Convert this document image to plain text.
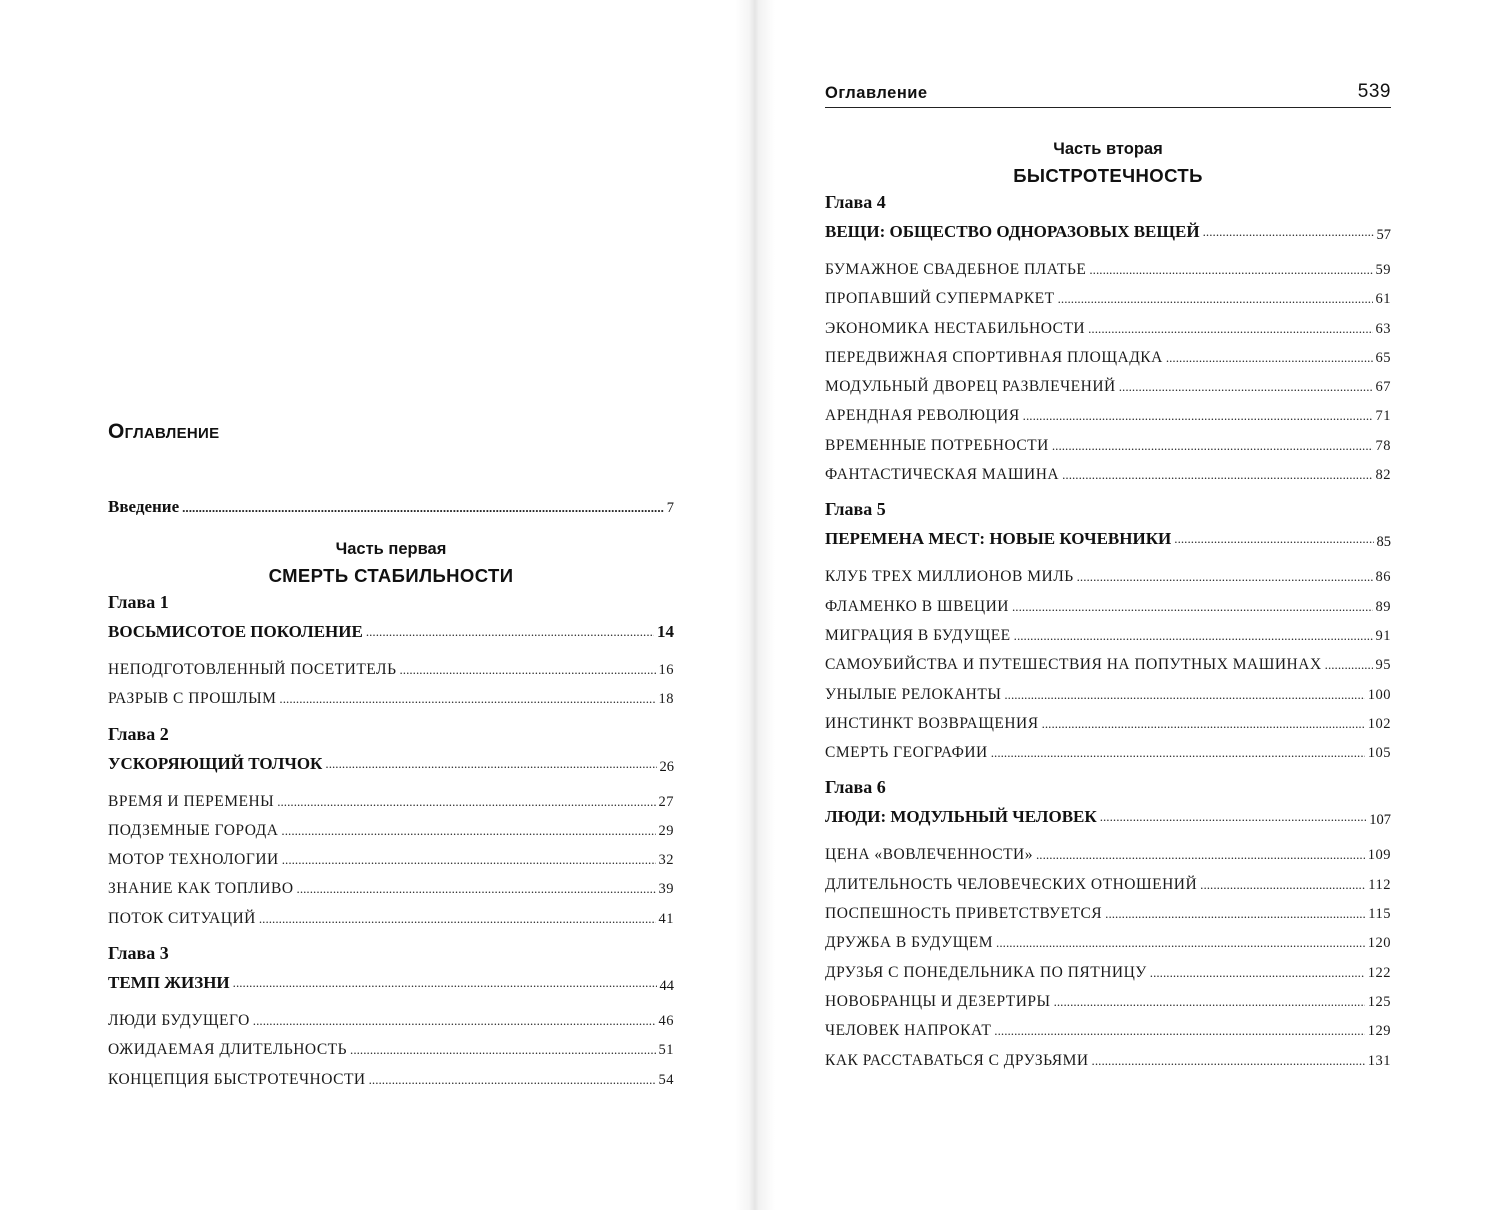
Оглавление
Введение . . .	7
Часть первая
СМЕРТЬ СТАБИЛЬНОСТИ
Глава 1
ВОСЬМИСОТОЕ ПОКОЛЕНИЕ . . .	14
НЕПОДГОТОВЛЕННЫЙ ПОСЕТИТЕЛЬ . . .	16
РАЗРЫВ С ПРОШЛЫМ . . .	18
Глава 2
УСКОРЯЮЩИЙ ТОЛЧОК . . .	26
ВРЕМЯ И ПЕРЕМЕНЫ . . .	27
ПОДЗЕМНЫЕ ГОРОДА . . .	29
МОТОР ТЕХНОЛОГИИ . . .	32
ЗНАНИЕ КАК ТОПЛИВО . . .	39
ПОТОК СИТУАЦИЙ . . .	41
Глава 3
ТЕМП ЖИЗНИ . . .	44
ЛЮДИ БУДУЩЕГО . . .	46
ОЖИДАЕМАЯ ДЛИТЕЛЬНОСТЬ . . .	51
КОНЦЕПЦИЯ БЫСТРОТЕЧНОСТИ . . .	54
Оглавление	539
Часть вторая
БЫСТРОТЕЧНОСТЬ
Глава 4
ВЕЩИ: ОБЩЕСТВО ОДНОРАЗОВЫХ ВЕЩЕЙ . . .	57
БУМАЖНОЕ СВАДЕБНОЕ ПЛАТЬЕ . . .	59
ПРОПАВШИЙ СУПЕРМАРКЕТ . . .	61
ЭКОНОМИКА НЕСТАБИЛЬНОСТИ . . .	63
ПЕРЕДВИЖНАЯ СПОРТИВНАЯ ПЛОЩАДКА . . .	65
МОДУЛЬНЫЙ ДВОРЕЦ РАЗВЛЕЧЕНИЙ . . .	67
АРЕНДНАЯ РЕВОЛЮЦИЯ . . .	71
ВРЕМЕННЫЕ ПОТРЕБНОСТИ . . .	78
ФАНТАСТИЧЕСКАЯ МАШИНА . . .	82
Глава 5
ПЕРЕМЕНА МЕСТ: НОВЫЕ КОЧЕВНИКИ . . .	85
КЛУБ ТРЕХ МИЛЛИОНОВ МИЛЬ . . .	86
ФЛАМЕНКО В ШВЕЦИИ . . .	89
МИГРАЦИЯ В БУДУЩЕЕ . . .	91
САМОУБИЙСТВА И ПУТЕШЕСТВИЯ НА ПОПУТНЫХ МАШИНАХ . . .	95
УНЫЛЫЕ РЕЛОКАНТЫ . . .	100
ИНСТИНКТ ВОЗВРАЩЕНИЯ . . .	102
СМЕРТЬ ГЕОГРАФИИ . . .	105
Глава 6
ЛЮДИ: МОДУЛЬНЫЙ ЧЕЛОВЕК . . .	107
ЦЕНА «ВОВЛЕЧЕННОСТИ» . . .	109
ДЛИТЕЛЬНОСТЬ ЧЕЛОВЕЧЕСКИХ ОТНОШЕНИЙ . . .	112
ПОСПЕШНОСТЬ ПРИВЕТСТВУЕТСЯ . . .	115
ДРУЖБА В БУДУЩЕМ . . .	120
ДРУЗЬЯ С ПОНЕДЕЛЬНИКА ПО ПЯТНИЦУ . . .	122
НОВОБРАНЦЫ И ДЕЗЕРТИРЫ . . .	125
ЧЕЛОВЕК НАПРОКАТ . . .	129
КАК РАССТАВАТЬСЯ С ДРУЗЬЯМИ . . .	131
